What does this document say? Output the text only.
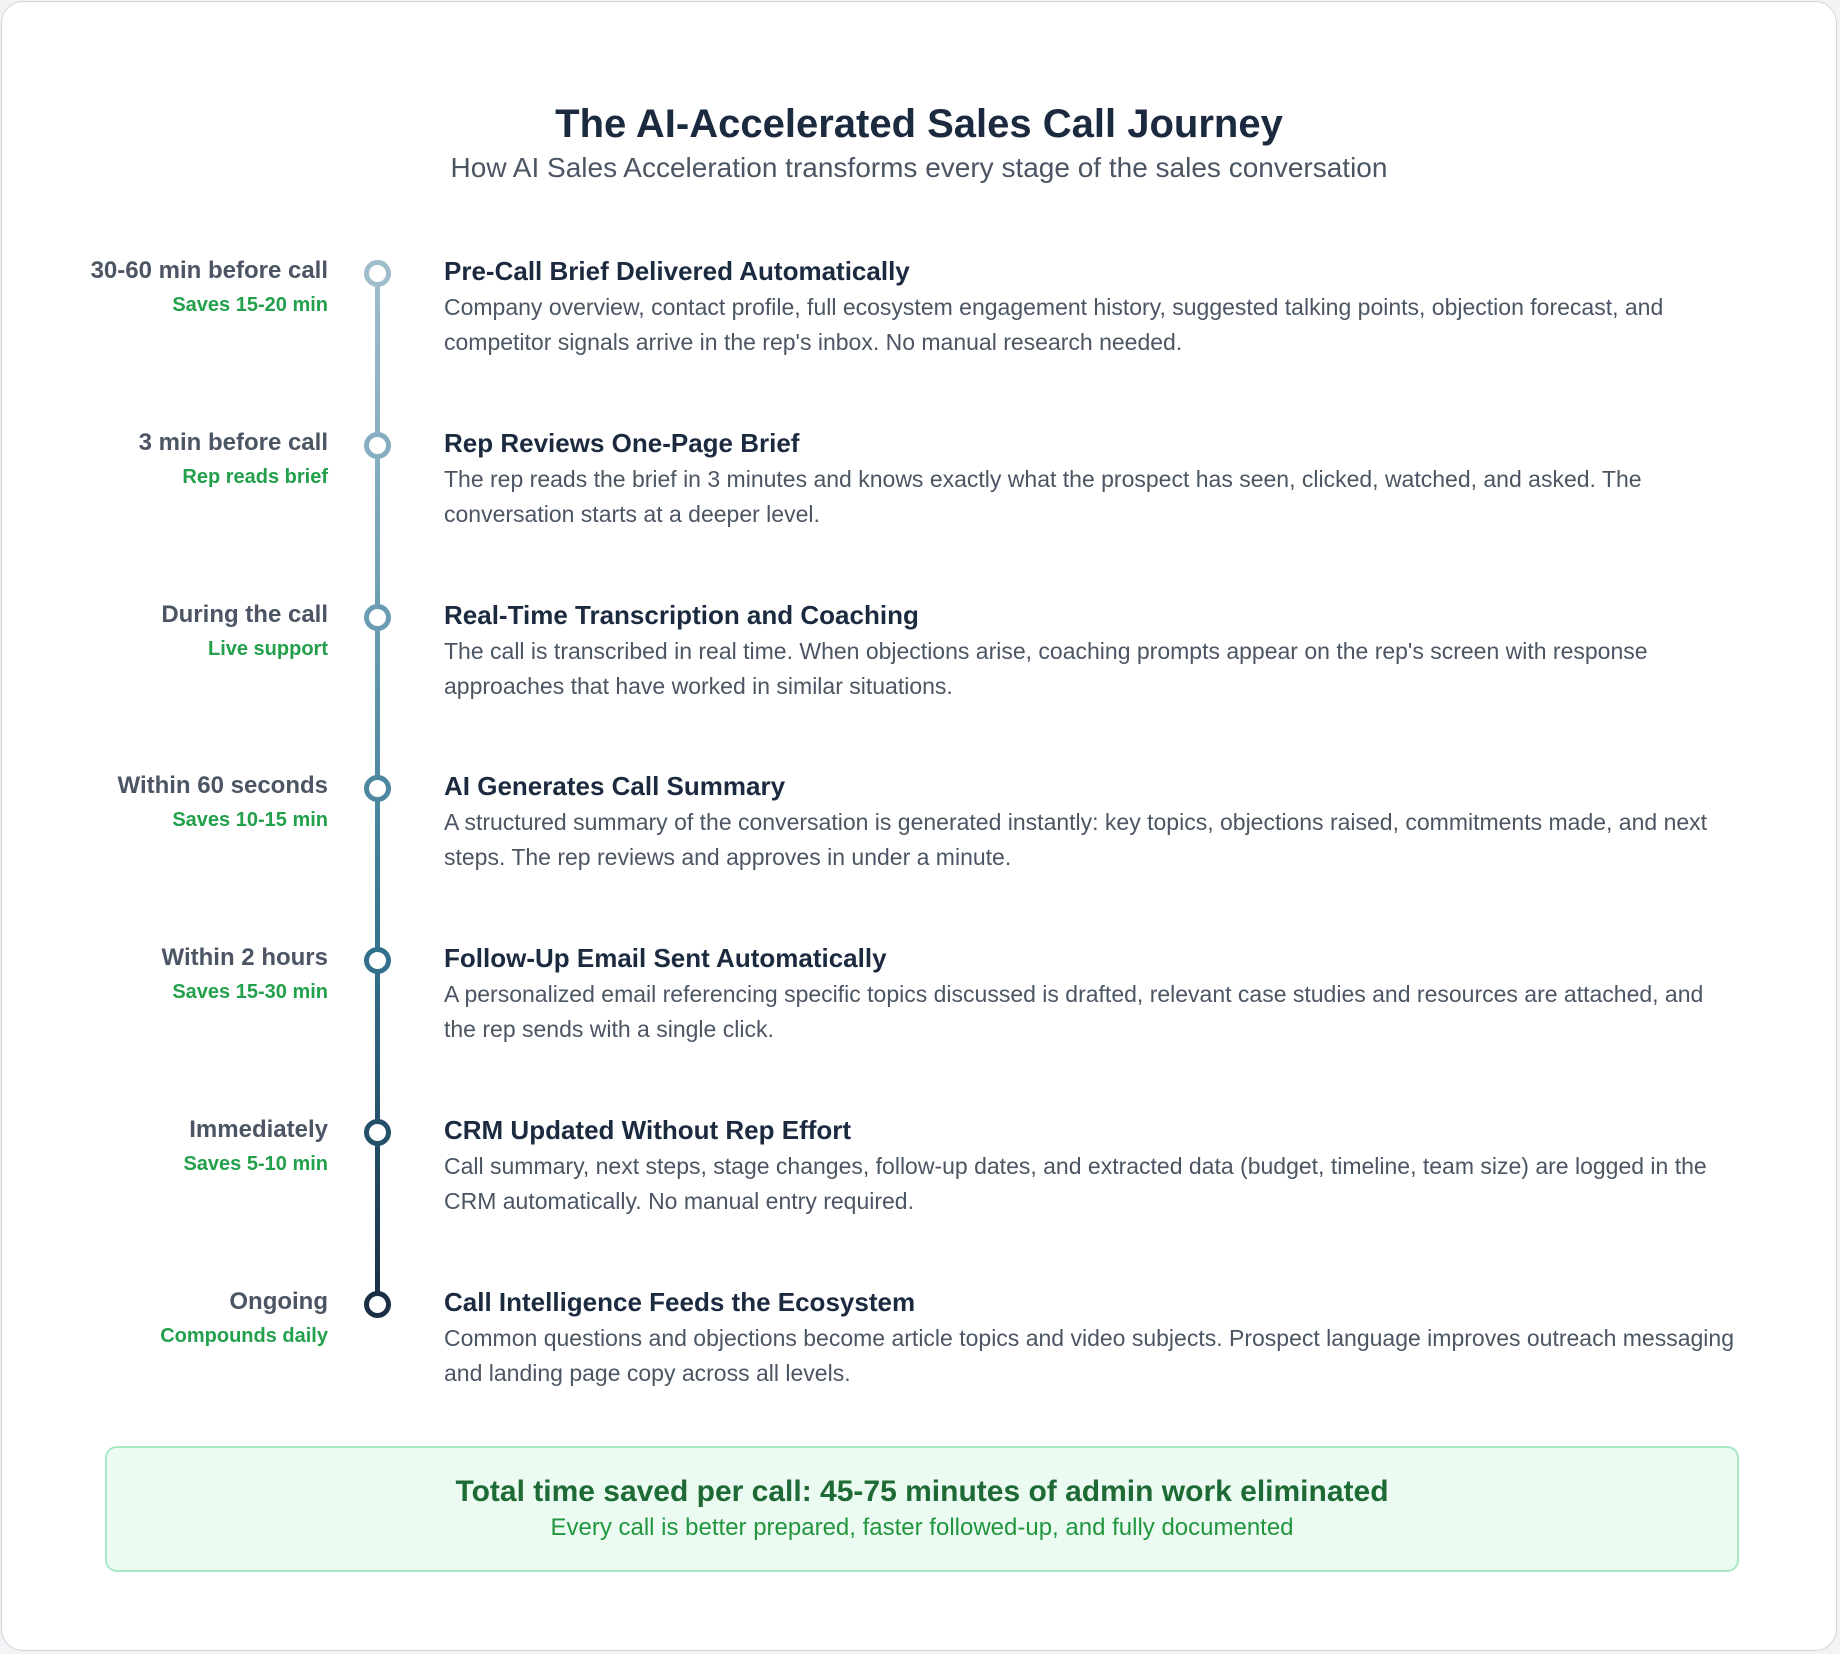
The AI-Accelerated Sales Call Journey
How AI Sales Acceleration transforms every stage of the sales conversation
30-60 min before call
Saves 15-20 min
Pre-Call Brief Delivered Automatically
Company overview, contact profile, full ecosystem engagement history, suggested talking points, objection forecast, and competitor signals arrive in the rep's inbox. No manual research needed.
3 min before call
Rep reads brief
Rep Reviews One-Page Brief
The rep reads the brief in 3 minutes and knows exactly what the prospect has seen, clicked, watched, and asked. The conversation starts at a deeper level.
During the call
Live support
Real-Time Transcription and Coaching
The call is transcribed in real time. When objections arise, coaching prompts appear on the rep's screen with response approaches that have worked in similar situations.
Within 60 seconds
Saves 10-15 min
AI Generates Call Summary
A structured summary of the conversation is generated instantly: key topics, objections raised, commitments made, and next steps. The rep reviews and approves in under a minute.
Within 2 hours
Saves 15-30 min
Follow-Up Email Sent Automatically
A personalized email referencing specific topics discussed is drafted, relevant case studies and resources are attached, and the rep sends with a single click.
Immediately
Saves 5-10 min
CRM Updated Without Rep Effort
Call summary, next steps, stage changes, follow-up dates, and extracted data (budget, timeline, team size) are logged in the CRM automatically. No manual entry required.
Ongoing
Compounds daily
Call Intelligence Feeds the Ecosystem
Common questions and objections become article topics and video subjects. Prospect language improves outreach messaging and landing page copy across all levels.
Total time saved per call: 45-75 minutes of admin work eliminated
Every call is better prepared, faster followed-up, and fully documented
